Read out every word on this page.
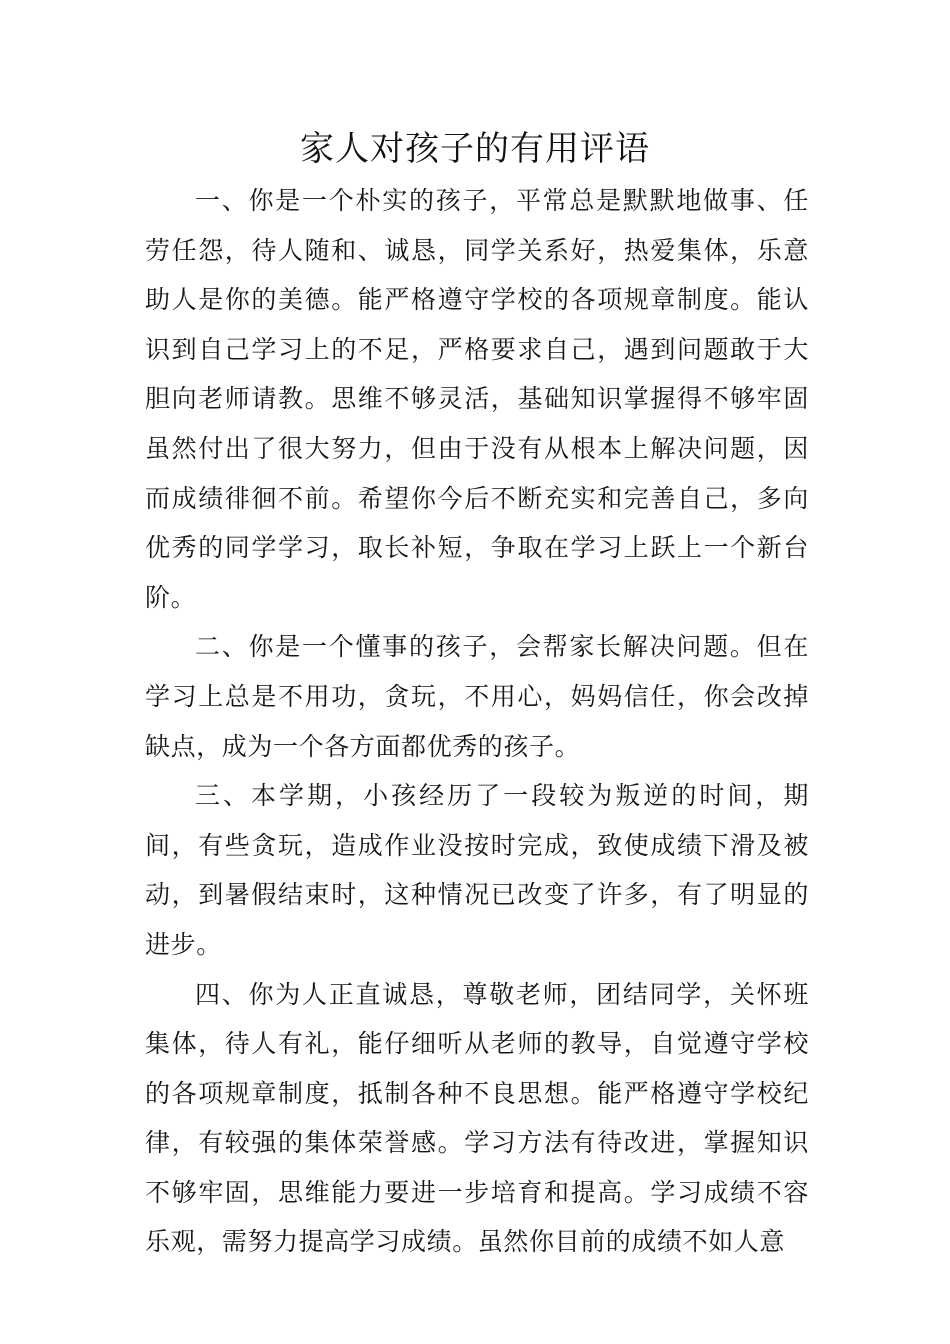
家人对孩子的有用评语

一、你是一个朴实的孩子，平常总是默默地做事、任劳任怨，待人随和、诚恳，同学关系好，热爱集体，乐意助人是你的美德。能严格遵守学校的各项规章制度。能认识到自己学习上的不足，严格要求自己，遇到问题敢于大胆向老师请教。思维不够灵活，基础知识掌握得不够牢固虽然付出了很大努力，但由于没有从根本上解决问题，因而成绩徘徊不前。希望你今后不断充实和完善自己，多向优秀的同学学习，取长补短，争取在学习上跃上一个新台阶。

二、你是一个懂事的孩子，会帮家长解决问题。但在学习上总是不用功，贪玩，不用心，妈妈信任，你会改掉缺点，成为一个各方面都优秀的孩子。

三、本学期，小孩经历了一段较为叛逆的时间，期间，有些贪玩，造成作业没按时完成，致使成绩下滑及被动，到暑假结束时，这种情况已改变了许多，有了明显的进步。

四、你为人正直诚恳，尊敬老师，团结同学，关怀班集体，待人有礼，能仔细听从老师的教导，自觉遵守学校的各项规章制度，抵制各种不良思想。能严格遵守学校纪律，有较强的集体荣誉感。学习方法有待改进，掌握知识不够牢固，思维能力要进一步培育和提高。学习成绩不容乐观，需努力提高学习成绩。虽然你目前的成绩不如人意
